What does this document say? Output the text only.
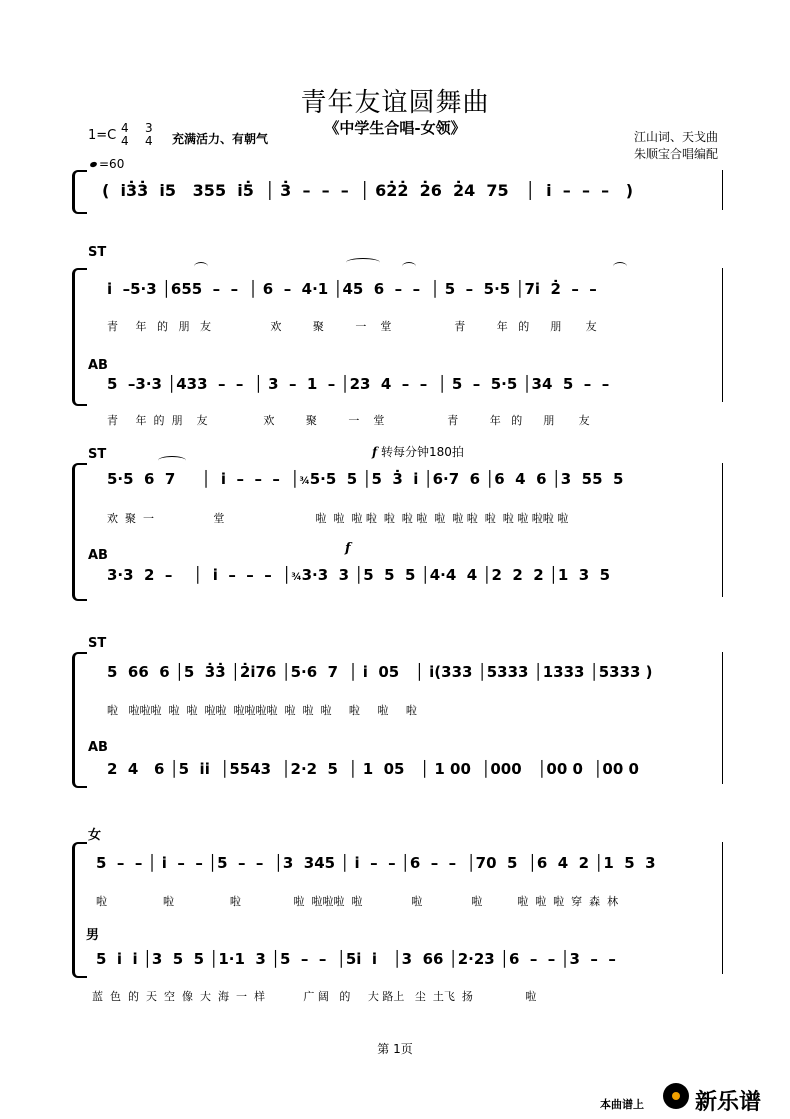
青年友谊圆舞曲
《中学生合唱-女领》
1=C 4
4
3
4 充满活力、有朝气	江山词、天戈曲
朱顺宝合唱编配
=60
(  i3̇3̇  i5   355  i5̇  │ 3̇  –  –  –  │ 62̇2̇  2̇6  2̇4  75   │  i  –  –  –   )
ST
i  –5·3 │655  –  –  │ 6  –  4·1 │45  6  –  –  │ 5  –  5·5 │7i  2̇  –  –
青     年   的   朋   友                 欢         聚         一    堂                  青         年   的      朋       友
AB
5  –3·3 │433  –  –  │ 3  –  1  – │23  4  –  –  │ 5  –  5·5 │34  5  –  –
青     年  的  朋    友                欢         聚         一    堂                  青         年   的      朋       友
ST	f 转每分钟180拍
5·5  6  7     │  i  –  –  –  │¾5·5  5 │5  3̇  i │6·7  6 │6  4  6 │3  55  5
欢  聚  一                 堂                          啦  啦  啦 啦  啦  啦 啦  啦  啦 啦  啦  啦 啦 啦啦 啦
AB	f
3·3  2  –    │  i  –  –  –  │¾3·3  3 │5  5  5 │4·4  4 │2  2  2 │1  3  5
ST
5  66  6 │5  3̇3̇ │2̇i76 │5·6  7  │ i  05   │ i(333 │5333 │1333 │5333 )
啦   啦啦啦  啦  啦  啦啦  啦啦啦啦  啦  啦  啦     啦     啦     啦
AB
2  4   6 │5  ii  │5543  │2·2  5  │ 1  05   │ 1 00  │000   │00 0  │00 0
女
5  –  – │ i  –  – │5  –  –  │3  345 │ i  –  – │6  –  –  │70  5  │6  4  2 │1  5  3
啦                啦                啦               啦  啦啦啦  啦              啦              啦          啦  啦  啦  穿  森  林
男
5  i  i │3  5  5 │1·1  3 │5  –  –  │5i  i   │3  66 │2·23 │6  –  – │3  –  –
蓝  色  的  天  空  像  大  海  一  样           广 阔   的     大 路上   尘  土飞  扬               啦
第 1页
本曲谱上 新乐谱
